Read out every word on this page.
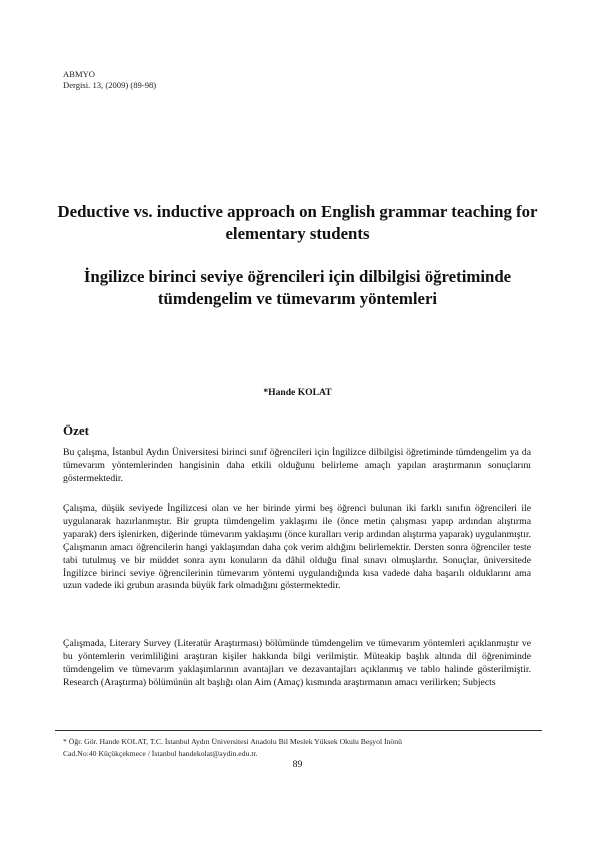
ABMYO
Dergisi. 13, (2009) (89-98)
Deductive vs. inductive approach on English grammar teaching for elementary students
İngilizce birinci seviye öğrencileri için dilbilgisi öğretiminde tümdengelim ve tümevarım yöntemleri
*Hande KOLAT
Özet

Bu çalışma, İstanbul Aydın Üniversitesi birinci sınıf öğrencileri için İngilizce dilbilgisi öğretiminde tümdengelim ya da tümevarım yöntemlerinden hangisinin daha etkili olduğunu belirleme amaçlı yapılan araştırmanın sonuçlarını göstermektedir.

Çalışma, düşük seviyede İngilizcesi olan ve her birinde yirmi beş öğrenci bulunan iki farklı sınıfın öğrencileri ile uygulanarak hazırlanmıştır. Bir grupta tümdengelim yaklaşımı ile (önce metin çalışması yapıp ardından alıştırma yaparak) ders işlenirken, diğerinde tümevarım yaklaşımı (önce kuralları verip ardından alıştırma yaparak) uygulanmıştır. Çalışmanın amacı öğrencilerin hangi yaklaşımdan daha çok verim aldığını belirlemektir. Dersten sonra öğrenciler teste tabi tutulmuş ve bir müddet sonra aynı konuların da dâhil olduğu final sınavı olmuşlardır. Sonuçlar, üniversitede İngilizce birinci seviye öğrencilerinin tümevarım yöntemi uygulandığında kısa vadede daha başarılı olduklarını ama uzun vadede iki grubun arasında büyük fark olmadığını göstermektedir.

Çalışmada, Literary Survey (Literatür Araştırması) bölümünde tümdengelim ve tümevarım yöntemleri açıklanmıştır ve bu yöntemlerin verimliliğini araştıran kişiler hakkında bilgi verilmiştir. Müteakip başlık altında dil öğreniminde tümdengelim ve tümevarım yaklaşımlarının avantajları ve dezavantajları açıklanmış ve tablo halinde gösterilmiştir. Research (Araştırma) bölümünün alt başlığı olan Aim (Amaç) kısmında araştırmanın amacı verilirken; Subjects

* Öğr. Gör. Hande KOLAT, T.C. İstanbul Aydın Üniversitesi Anadolu Bil Meslek Yüksek Okulu Beşyol İnönü
Cad.No:40 Küçükçekmece / İstanbul handekolat@aydin.edu.tr.
89
